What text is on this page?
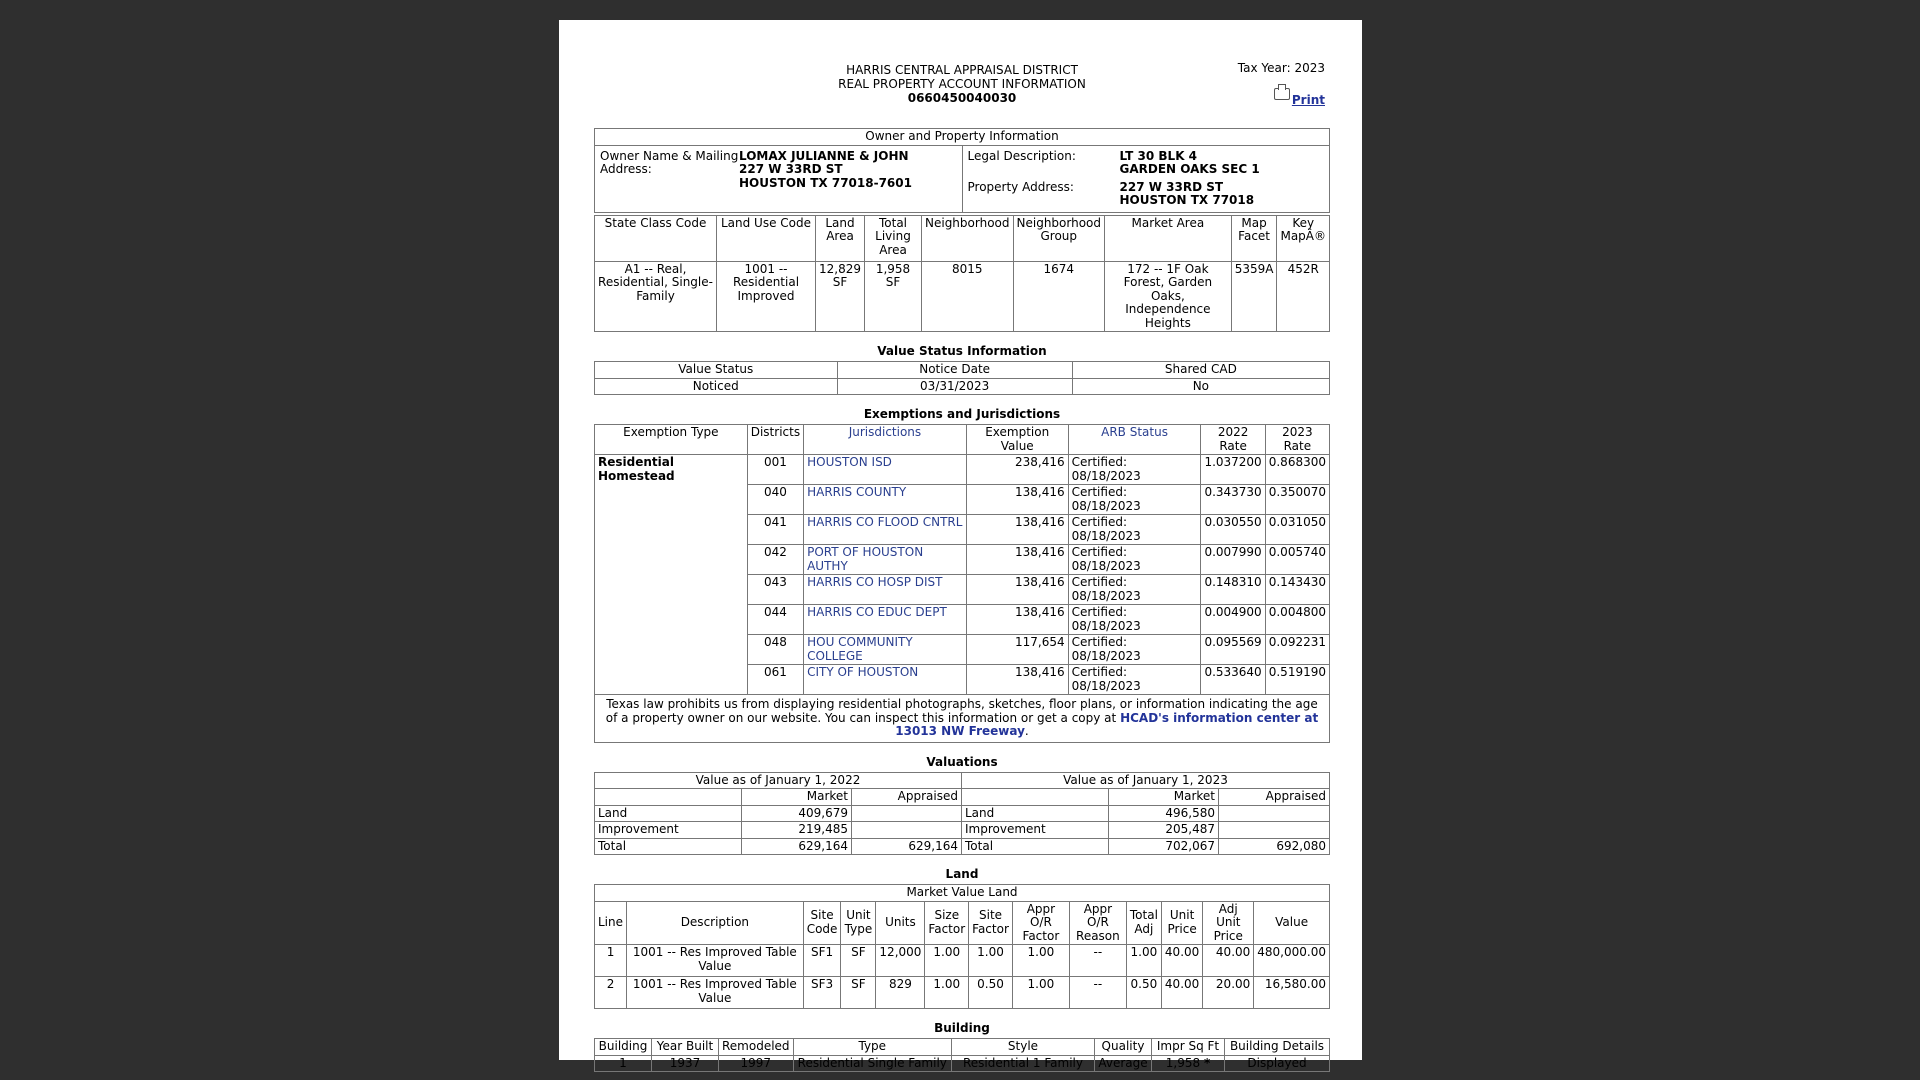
HARRIS CENTRAL APPRAISAL DISTRICT
REAL PROPERTY ACCOUNT INFORMATION
0660450040030
Tax Year: 2023
Print
Owner and Property Information
Owner Name & Mailing Address:	
LOMAX JULIANNE & JOHN
227 W 33RD ST
HOUSTON TX 77018-7601

Legal Description:	LT 30 BLK 4
GARDEN OAKS SEC 1

Property Address:	227 W 33RD ST
HOUSTON TX 77018
State Class Code	Land Use Code	Land Area	Total Living Area	Neighborhood	Neighborhood Group	Market Area	Map Facet	Key MapÂ®
A1 -- Real, Residential, Single-Family	1001 -- Residential Improved	12,829 SF	1,958 SF	8015	1674	172 -- 1F Oak Forest, Garden Oaks, Independence Heights	5359A	452R
Value Status Information
Value Status	Notice Date	Shared CAD
Noticed	03/31/2023	No
Exemptions and Jurisdictions
Exemption Type	Districts	Jurisdictions	Exemption Value	ARB Status	2022 Rate	2023 Rate
Residential Homestead	001	HOUSTON ISD	238,416	Certified: 08/18/2023	1.037200	0.868300
	040	HARRIS COUNTY	138,416	Certified: 08/18/2023	0.343730	0.350070
	041	HARRIS CO FLOOD CNTRL	138,416	Certified: 08/18/2023	0.030550	0.031050
	042	PORT OF HOUSTON AUTHY	138,416	Certified: 08/18/2023	0.007990	0.005740
	043	HARRIS CO HOSP DIST	138,416	Certified: 08/18/2023	0.148310	0.143430
	044	HARRIS CO EDUC DEPT	138,416	Certified: 08/18/2023	0.004900	0.004800
	048	HOU COMMUNITY COLLEGE	117,654	Certified: 08/18/2023	0.095569	0.092231
	061	CITY OF HOUSTON	138,416	Certified: 08/18/2023	0.533640	0.519190
Texas law prohibits us from displaying residential photographs, sketches, floor plans, or information indicating the age of a property owner on our website. You can inspect this information or get a copy at HCAD's information center at 13013 NW Freeway.						
Valuations
Value as of January 1, 2022			Value as of January 1, 2023		
	Market	Appraised		Market	Appraised
Land	409,679		Land	496,580	
Improvement	219,485		Improvement	205,487	
Total	629,164	629,164	Total	702,067	692,080
Land
Market Value Land												
Line	Description	Site Code	Unit Type	Units	Size Factor	Site Factor	Appr O/R Factor	Appr O/R Reason	Total Adj	Unit Price	Adj Unit Price	Value
1	1001 -- Res Improved Table Value	SF1	SF	12,000	1.00	1.00	1.00	--	1.00	40.00	40.00	480,000.00
2	1001 -- Res Improved Table Value	SF3	SF	829	1.00	0.50	1.00	--	0.50	40.00	20.00	16,580.00
Building
Building	Year Built	Remodeled	Type	Style	Quality	Impr Sq Ft	Building Details
1	1937	1997	Residential Single Family	Residential 1 Family	Average	1,958 *	Displayed
